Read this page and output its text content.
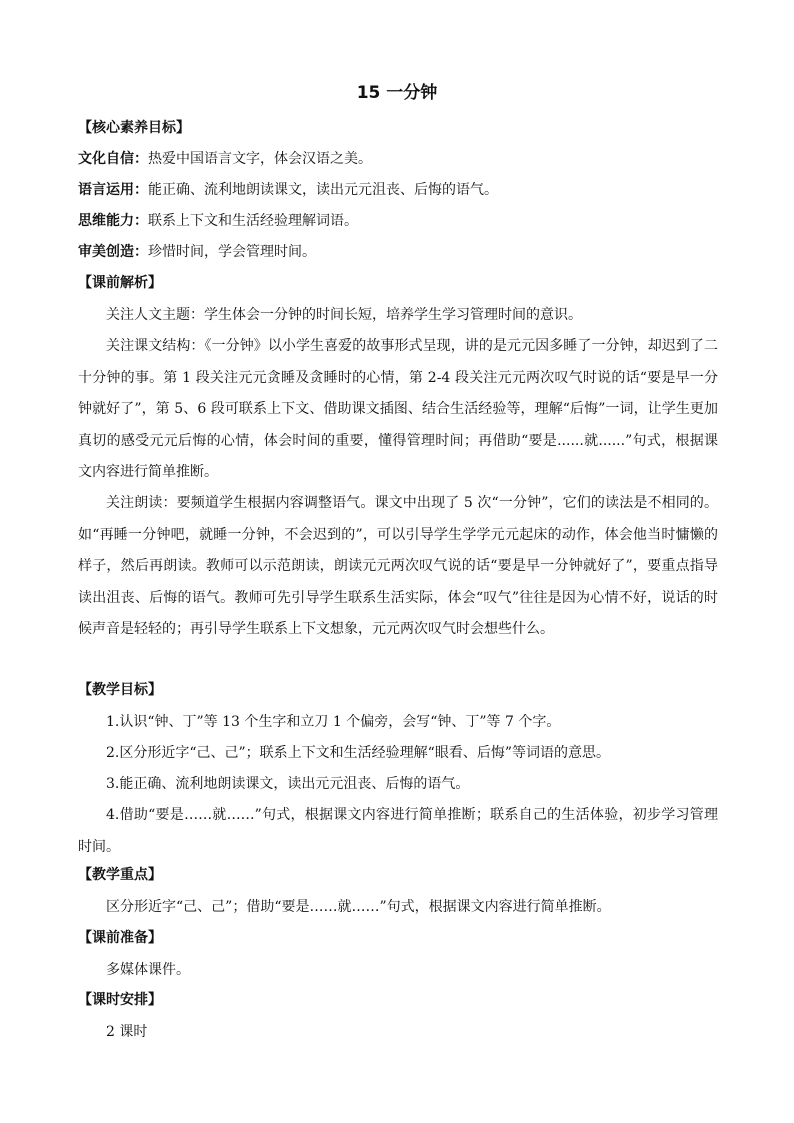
15 一分钟
【核心素养目标】
文化自信：热爱中国语言文字，体会汉语之美。
语言运用：能正确、流利地朗读课文，读出元元沮丧、后悔的语气。
思维能力：联系上下文和生活经验理解词语。
审美创造：珍惜时间，学会管理时间。
【课前解析】
关注人文主题：学生体会一分钟的时间长短，培养学生学习管理时间的意识。
关注课文结构：《一分钟》以小学生喜爱的故事形式呈现，讲的是元元因多睡了一分钟，却迟到了二十分钟的事。第 1 段关注元元贪睡及贪睡时的心情，第 2-4 段关注元元两次叹气时说的话“要是早一分钟就好了”，第 5、6 段可联系上下文、借助课文插图、结合生活经验等，理解“后悔”一词，让学生更加真切的感受元元后悔的心情，体会时间的重要，懂得管理时间；再借助“要是......就......”句式，根据课文内容进行简单推断。
关注朗读：要频道学生根据内容调整语气。课文中出现了 5 次“一分钟”，它们的读法是不相同的。如“再睡一分钟吧，就睡一分钟，不会迟到的”，可以引导学生学学元元起床的动作，体会他当时慵懒的样子，然后再朗读。教师可以示范朗读，朗读元元两次叹气说的话“要是早一分钟就好了”，要重点指导读出沮丧、后悔的语气。教师可先引导学生联系生活实际，体会“叹气”往往是因为心情不好，说话的时候声音是轻轻的；再引导学生联系上下文想象，元元两次叹气时会想些什么。
【教学目标】
1.认识“钟、丁”等 13 个生字和立刀 1 个偏旁，会写“钟、丁”等 7 个字。
2.区分形近字“己、己”；联系上下文和生活经验理解“眼看、后悔”等词语的意思。
3.能正确、流利地朗读课文，读出元元沮丧、后悔的语气。
4.借助“要是……就……”句式，根据课文内容进行简单推断；联系自己的生活体验，初步学习管理时间。
【教学重点】
区分形近字“己、己”；借助“要是……就……”句式，根据课文内容进行简单推断。
【课前准备】
多媒体课件。
【课时安排】
2 课时
